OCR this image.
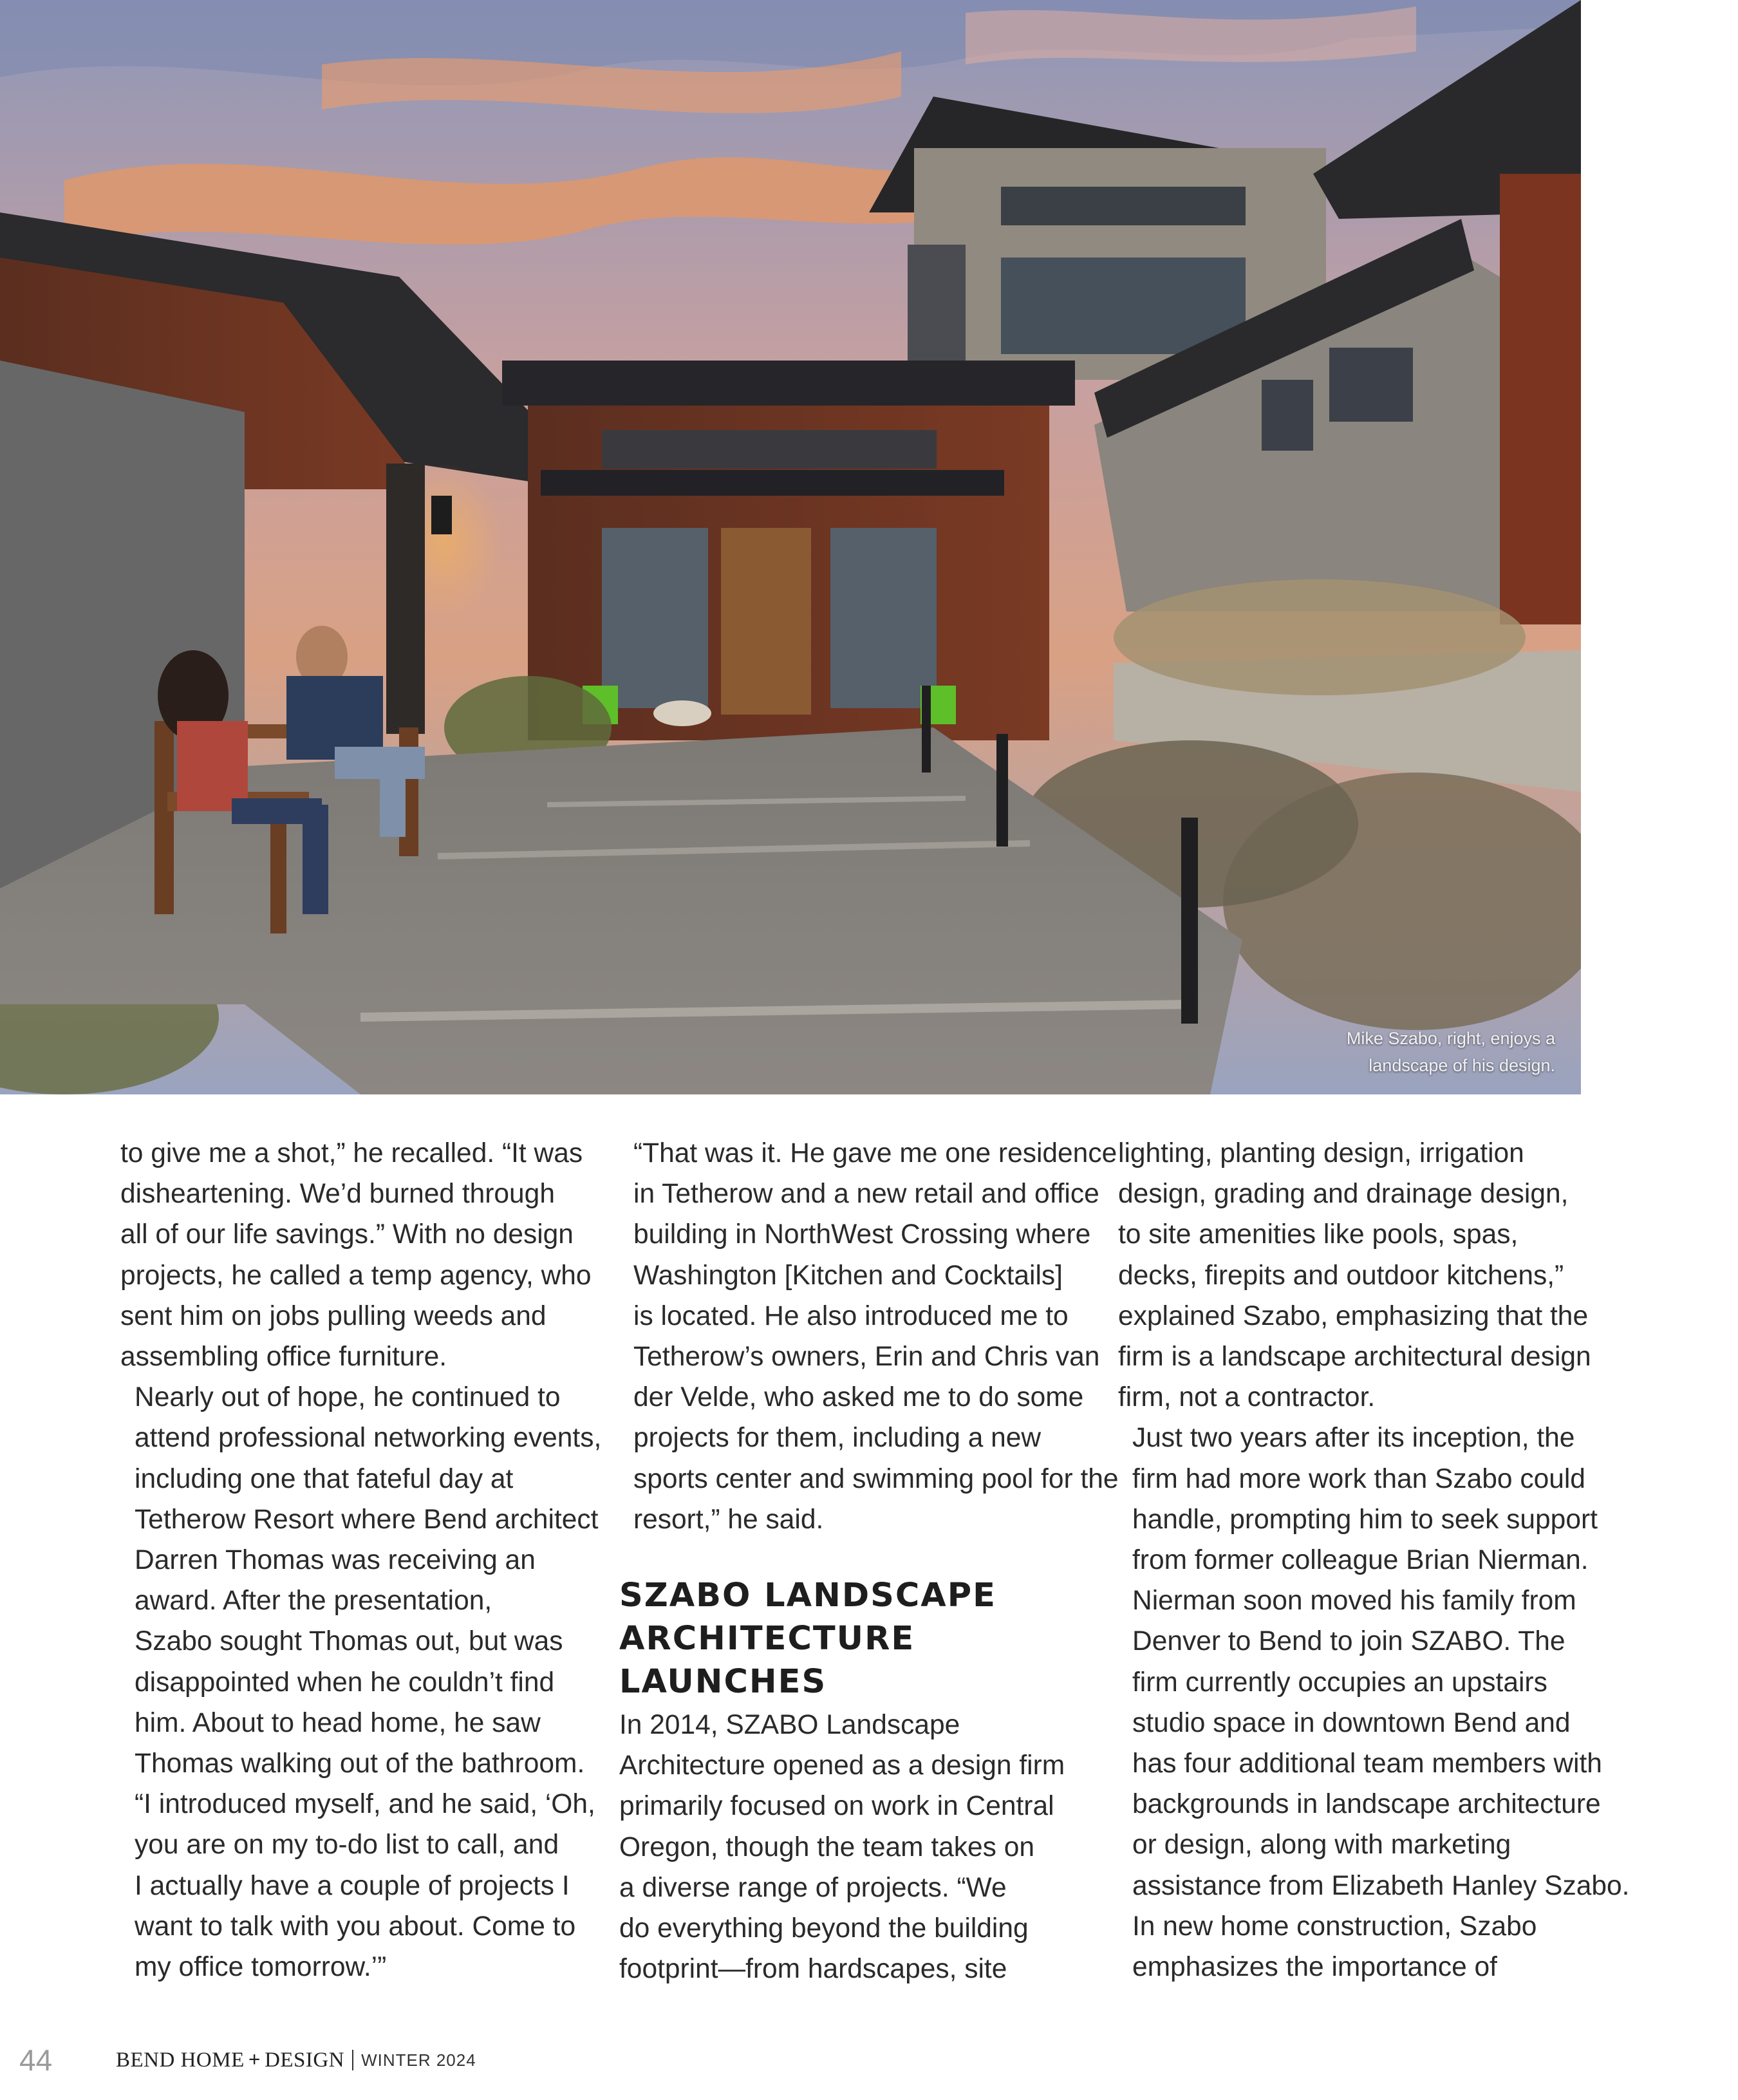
Mike Szabo, right, enjoys a
landscape of his design.

to give me a shot,” he recalled. “It was
disheartening. We’d burned through
all of our life savings.” With no design
projects, he called a temp agency, who
sent him on jobs pulling weeds and
assembling office furniture.

Nearly out of hope, he continued to
attend professional networking events,
including one that fateful day at
Tetherow Resort where Bend architect
Darren Thomas was receiving an
award. After the presentation,
Szabo sought Thomas out, but was
disappointed when he couldn’t find
him. About to head home, he saw
Thomas walking out of the bathroom.
“I introduced myself, and he said, ‘Oh,
you are on my to-do list to call, and
I actually have a couple of projects I
want to talk with you about. Come to
my office tomorrow.’”

“That was it. He gave me one residence
in Tetherow and a new retail and office
building in NorthWest Crossing where
Washington [Kitchen and Cocktails]
is located. He also introduced me to
Tetherow’s owners, Erin and Chris van
der Velde, who asked me to do some
projects for them, including a new
sports center and swimming pool for the
resort,” he said.

SZABO LANDSCAPE
ARCHITECTURE
LAUNCHES

In 2014, SZABO Landscape
Architecture opened as a design firm
primarily focused on work in Central
Oregon, though the team takes on
a diverse range of projects. “We
do everything beyond the building
footprint—from hardscapes, site

lighting, planting design, irrigation
design, grading and drainage design,
to site amenities like pools, spas,
decks, firepits and outdoor kitchens,”
explained Szabo, emphasizing that the
firm is a landscape architectural design
firm, not a contractor.

Just two years after its inception, the
firm had more work than Szabo could
handle, prompting him to seek support
from former colleague Brian Nierman.
Nierman soon moved his family from
Denver to Bend to join SZABO. The
firm currently occupies an upstairs
studio space in downtown Bend and
has four additional team members with
backgrounds in landscape architecture
or design, along with marketing
assistance from Elizabeth Hanley Szabo.

In new home construction, Szabo
emphasizes the importance of

44	BEND HOME + DESIGN WINTER 2024
